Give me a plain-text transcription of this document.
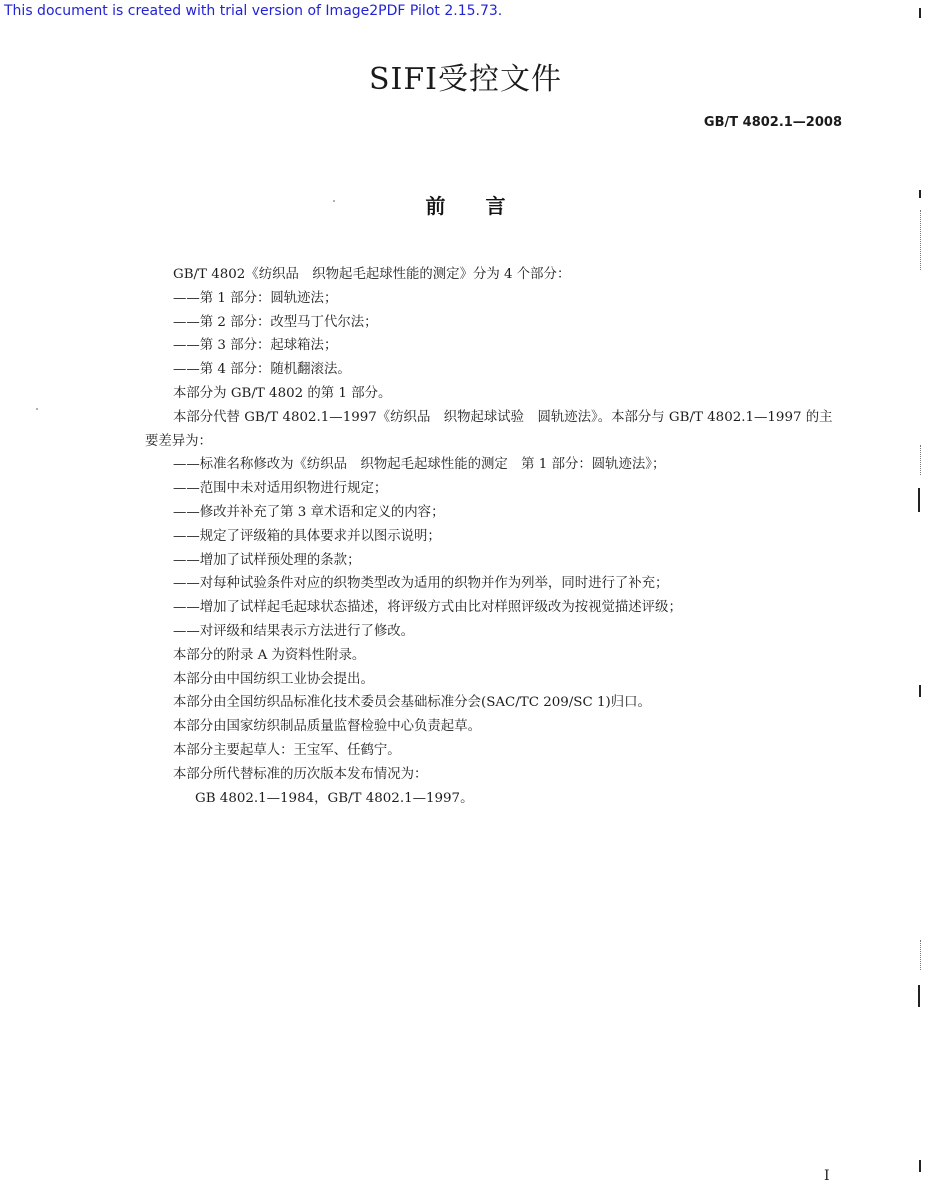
This document is created with trial version of Image2PDF Pilot 2.15.73.
SIFI受控文件
GB/T 4802.1—2008
前言

GB/T 4802《纺织品　织物起毛起球性能的测定》分为 4 个部分：

——第 1 部分：圆轨迹法；

——第 2 部分：改型马丁代尔法；

——第 3 部分：起球箱法；

——第 4 部分：随机翻滚法。

本部分为 GB/T 4802 的第 1 部分。

本部分代替 GB/T 4802.1—1997《纺织品　织物起球试验　圆轨迹法》。本部分与 GB/T 4802.1—1997 的主要差异为：

——标准名称修改为《纺织品　织物起毛起球性能的测定　第 1 部分：圆轨迹法》；

——范围中未对适用织物进行规定；

——修改并补充了第 3 章术语和定义的内容；

——规定了评级箱的具体要求并以图示说明；

——增加了试样预处理的条款；

——对每种试验条件对应的织物类型改为适用的织物并作为列举，同时进行了补充；

——增加了试样起毛起球状态描述，将评级方式由比对样照评级改为按视觉描述评级；

——对评级和结果表示方法进行了修改。

本部分的附录 A 为资料性附录。

本部分由中国纺织工业协会提出。

本部分由全国纺织品标准化技术委员会基础标准分会(SAC/TC 209/SC 1)归口。

本部分由国家纺织制品质量监督检验中心负责起草。

本部分主要起草人：王宝军、任鹤宁。

本部分所代替标准的历次版本发布情况为：

GB 4802.1—1984，GB/T 4802.1—1997。

I
